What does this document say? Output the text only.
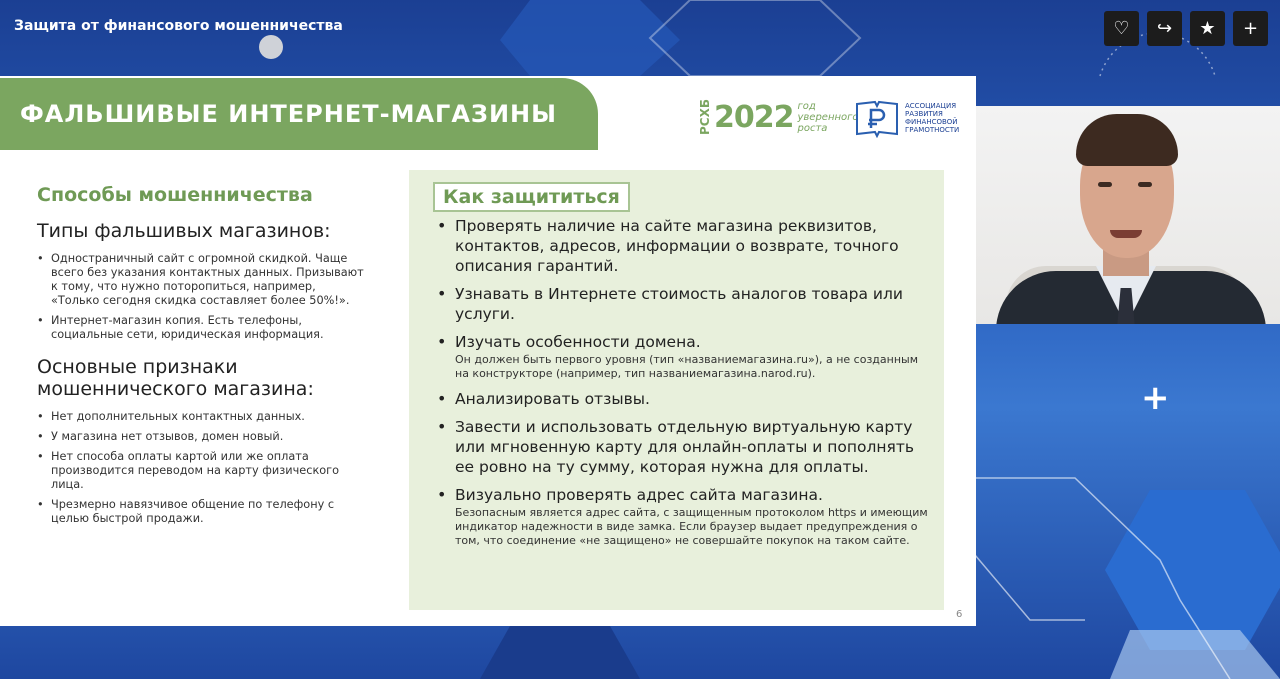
Защита от финансового мошенничества	♡ ↪ ★ +
ФАЛЬШИВЫЕ ИНТЕРНЕТ-МАГАЗИНЫ	РСХБ 2022 год уверенного роста
АССОЦИАЦИЯ РАЗВИТИЯ ФИНАНСОВОЙ ГРАМОТНОСТИ
Способы мошенничества
Типы фальшивых магазинов:
• Одностраничный сайт с огромной скидкой. Чаще всего без указания контактных данных. Призывают к тому, что нужно поторопиться, например, «Только сегодня скидка составляет более 50%!».
• Интернет-магазин копия. Есть телефоны, социальные сети, юридическая информация.
Основные признаки мошеннического магазина:
• Нет дополнительных контактных данных.
• У магазина нет отзывов, домен новый.
• Нет способа оплаты картой или же оплата производится переводом на карту физического лица.
• Чрезмерно навязчивое общение по телефону с целью быстрой продажи.
Как защититься
• Проверять наличие на сайте магазина реквизитов, контактов, адресов, информации о возврате, точного описания гарантий.
• Узнавать в Интернете стоимость аналогов товара или услуги.
• Изучать особенности домена.
Он должен быть первого уровня (тип «названиемагазина.ru»), а не созданным на конструкторе (например, тип названиемагазина.narod.ru).
• Анализировать отзывы.
• Завести и использовать отдельную виртуальную карту или мгновенную карту для онлайн-оплаты и пополнять ее ровно на ту сумму, которая нужна для оплаты.
• Визуально проверять адрес сайта магазина.
Безопасным является адрес сайта, с защищенным протоколом https и имеющим индикатор надежности в виде замка. Если браузер выдает предупреждения о том, что соединение «не защищено» не совершайте покупок на таком сайте.
6
+
